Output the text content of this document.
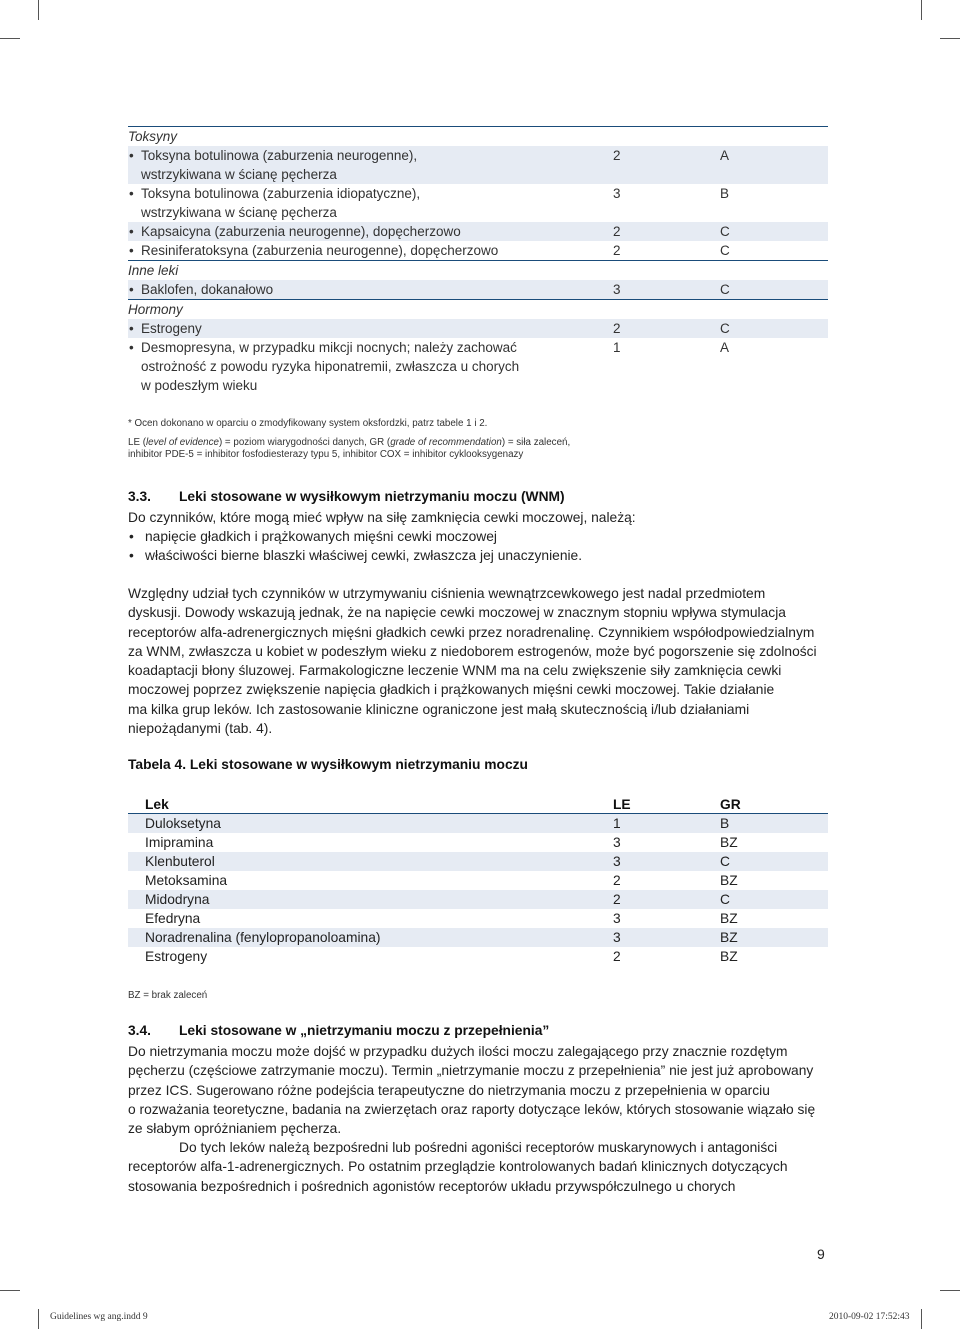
Toksyny
• Toksyna botulinowa (zaburzenia neurogenne),
wstrzykiwana w ścianę pęcherza
2	A
• Toksyna botulinowa (zaburzenia idiopatyczne),
wstrzykiwana w ścianę pęcherza
3	B
• Kapsaicyna (zaburzenia neurogenne), dopęcherzowo	2	C
• Resiniferatoksyna (zaburzenia neurogenne), dopęcherzowo	2	C
Inne leki
• Baklofen, dokanałowo	3	C
Hormony
• Estrogeny	2	C
• Desmopresyna, w przypadku mikcji nocnych; należy zachować
ostrożność z powodu ryzyka hiponatremii, zwłaszcza u chorych
w podeszłym wieku
1	A
* Ocen dokonano w oparciu o zmodyfikowany system oksfordzki, patrz tabele 1 i 2.
LE (level of evidence) = poziom wiarygodności danych, GR (grade of recommendation) = siła zaleceń,
inhibitor PDE-5 = inhibitor fosfodiesterazy typu 5, inhibitor COX = inhibitor cyklooksygenazy
3.3. Leki stosowane w wysiłkowym nietrzymaniu moczu (WNM)
Do czynników, które mogą mieć wpływ na siłę zamknięcia cewki moczowej, należą:
• napięcie gładkich i prążkowanych mięśni cewki moczowej
• właściwości bierne blaszki właściwej cewki, zwłaszcza jej unaczynienie.
Względny udział tych czynników w utrzymywaniu ciśnienia wewnątrzcewkowego jest nadal przedmiotem
dyskusji. Dowody wskazują jednak, że na napięcie cewki moczowej w znacznym stopniu wpływa stymulacja
receptorów alfa-adrenergicznych mięśni gładkich cewki przez noradrenalinę. Czynnikiem współodpowiedzialnym
za WNM, zwłaszcza u kobiet w podeszłym wieku z niedoborem estrogenów, może być pogorszenie się zdolności
koadaptacji błony śluzowej. Farmakologiczne leczenie WNM ma na celu zwiększenie siły zamknięcia cewki
moczowej poprzez zwiększenie napięcia gładkich i prążkowanych mięśni cewki moczowej. Takie działanie
ma kilka grup leków. Ich zastosowanie kliniczne ograniczone jest małą skutecznością i/lub działaniami
niepożądanymi (tab. 4).
Tabela 4. Leki stosowane w wysiłkowym nietrzymaniu moczu
Lek	LE	GR
Duloksetyna	1	B
Imipramina	3	BZ
Klenbuterol	3	C
Metoksamina	2	BZ
Midodryna	2	C
Efedryna	3	BZ
Noradrenalina (fenylopropanoloamina)	3	BZ
Estrogeny	2	BZ
BZ = brak zaleceń
3.4. Leki stosowane w „nietrzymaniu moczu z przepełnienia”
Do nietrzymania moczu może dojść w przypadku dużych ilości moczu zalegającego przy znacznie rozdętym
pęcherzu (częściowe zatrzymanie moczu). Termin „nietrzymanie moczu z przepełnienia” nie jest już aprobowany
przez ICS. Sugerowano różne podejścia terapeutyczne do nietrzymania moczu z przepełnienia w oparciu
o rozważania teoretyczne, badania na zwierzętach oraz raporty dotyczące leków, których stosowanie wiązało się
ze słabym opróżnianiem pęcherza.
Do tych leków należą bezpośredni lub pośredni agoniści receptorów muskarynowych i antagoniści
receptorów alfa-1-adrenergicznych. Po ostatnim przeglądzie kontrolowanych badań klinicznych dotyczących
stosowania bezpośrednich i pośrednich agonistów receptorów układu przywspółczulnego u chorych
9
Guidelines wg ang.indd 9	2010-09-02 17:52:43
